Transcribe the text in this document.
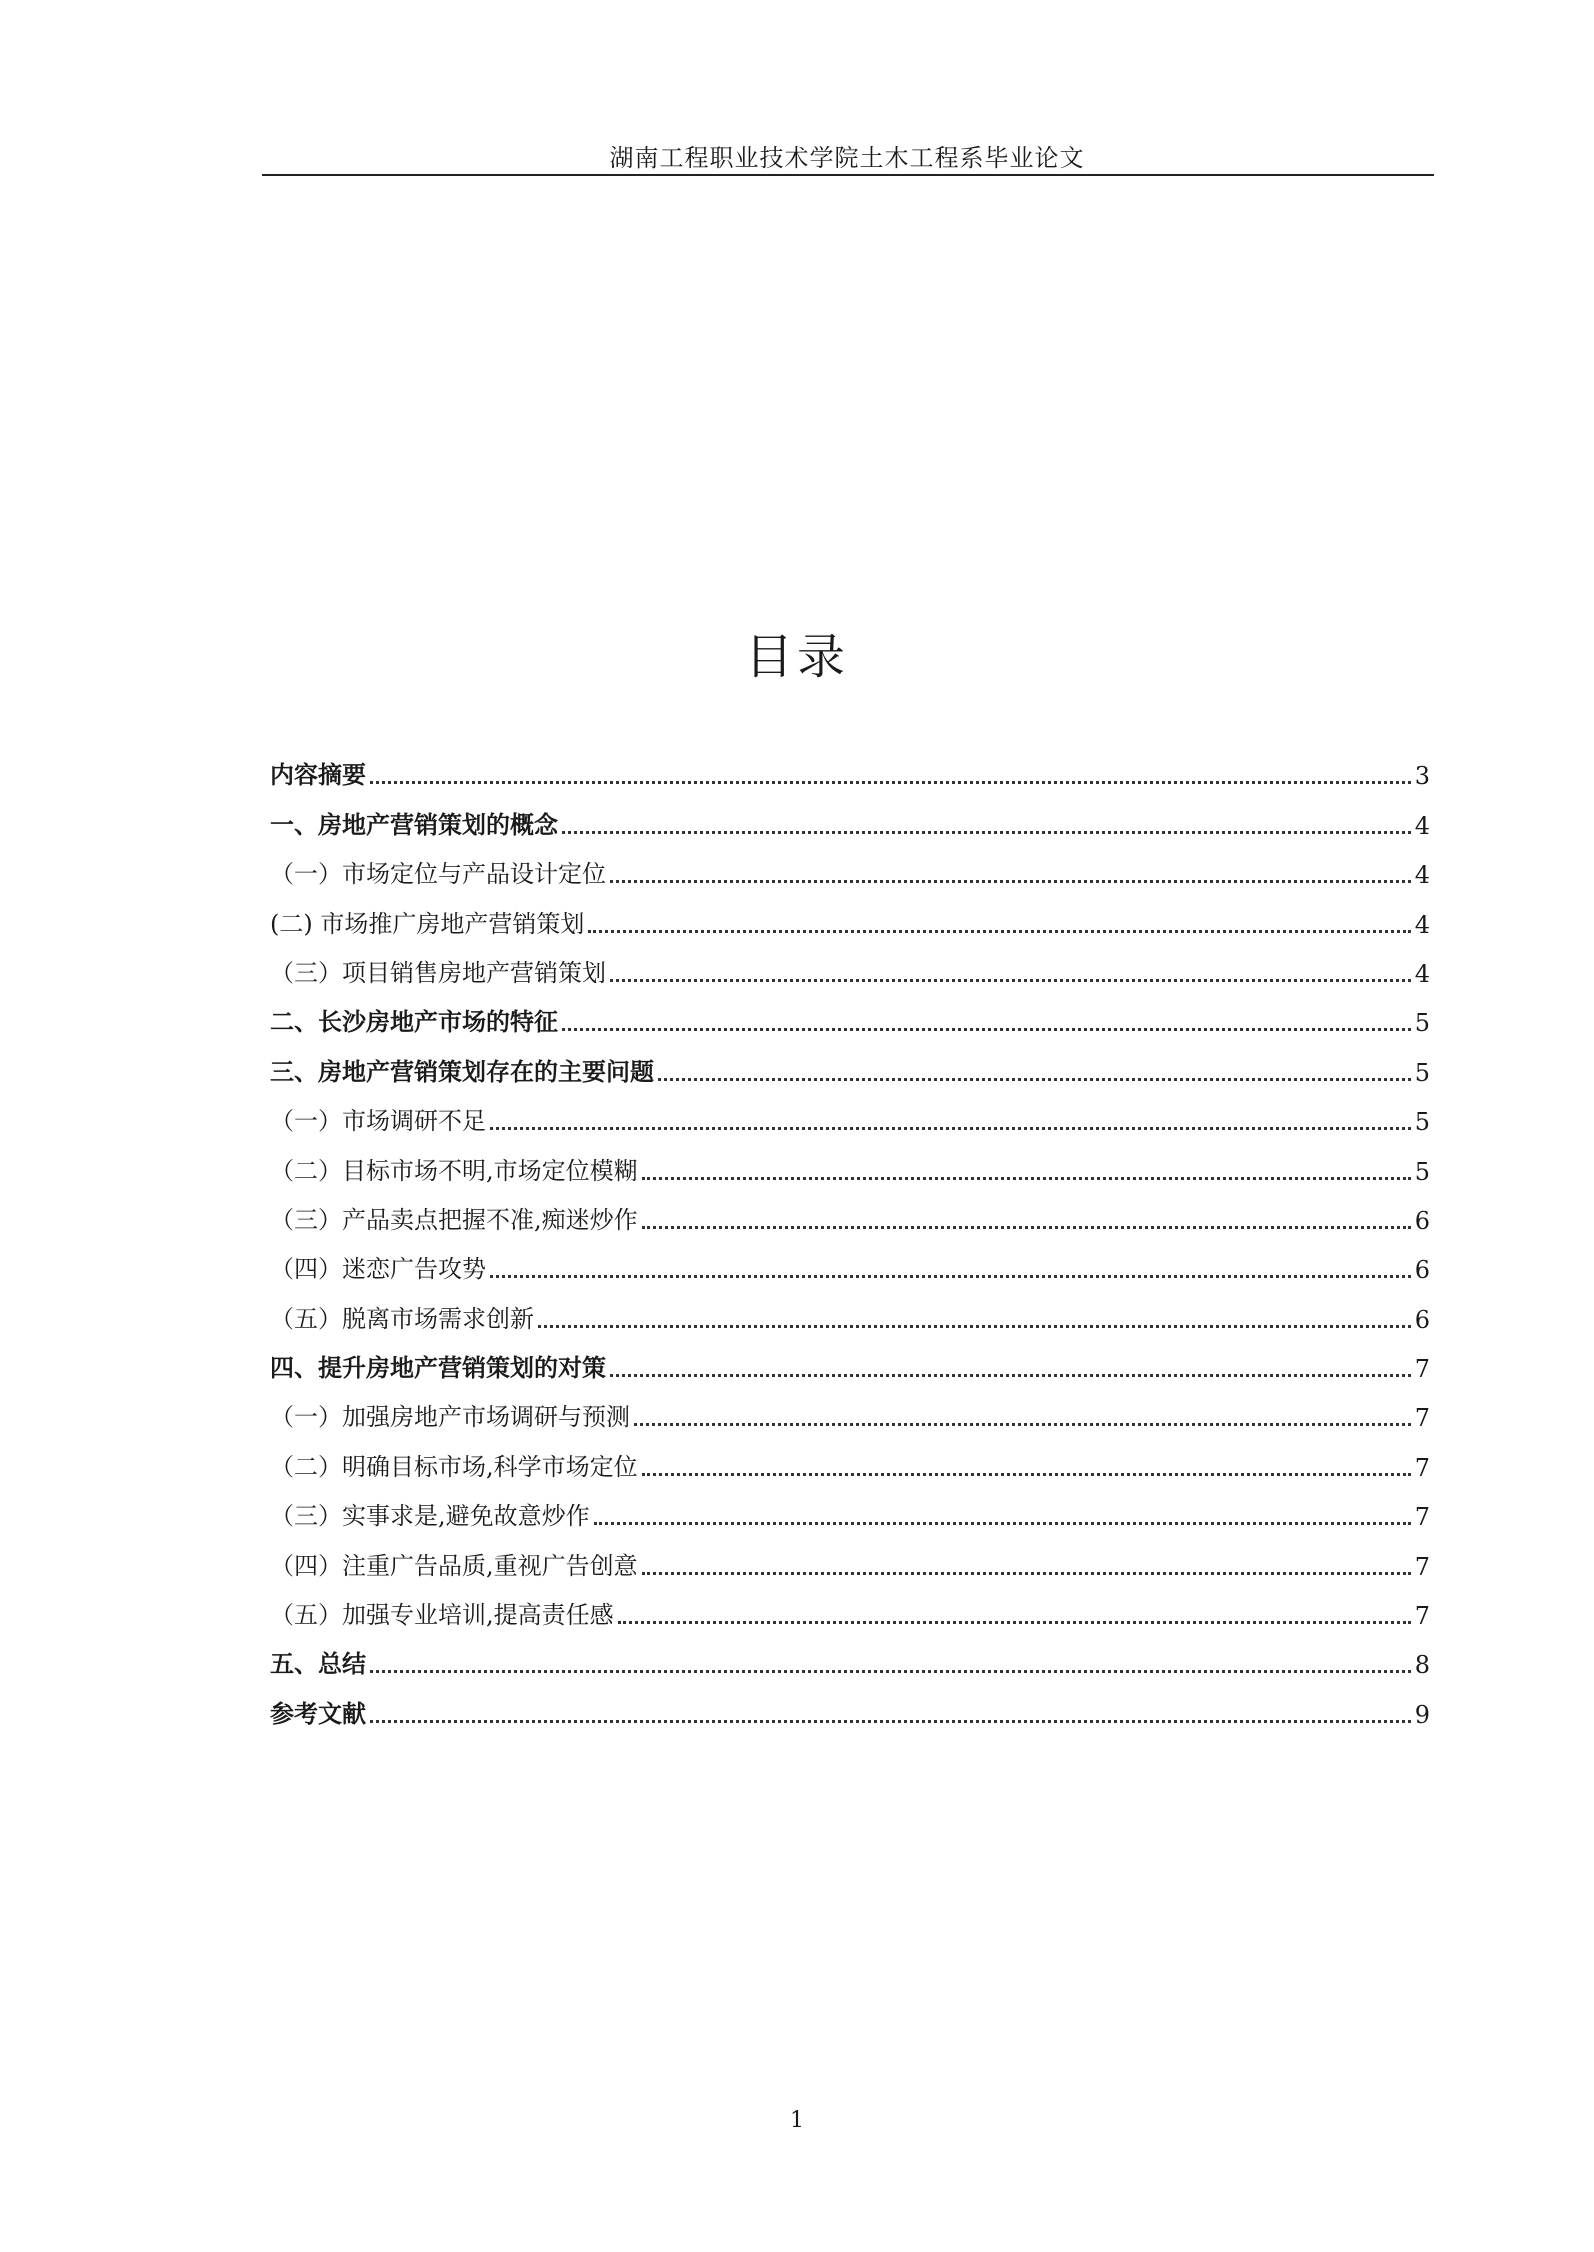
湖南工程职业技术学院土木工程系毕业论文
目录
内容摘要	3
一、房地产营销策划的概念	4
（一）市场定位与产品设计定位	4
(二) 市场推广房地产营销策划	4
（三）项目销售房地产营销策划	4
二、长沙房地产市场的特征	5
三、房地产营销策划存在的主要问题	5
（一）市场调研不足	5
（二）目标市场不明,市场定位模糊	5
（三）产品卖点把握不准,痴迷炒作	6
（四）迷恋广告攻势	6
（五）脱离市场需求创新	6
四、提升房地产营销策划的对策	7
（一）加强房地产市场调研与预测	7
（二）明确目标市场,科学市场定位	7
（三）实事求是,避免故意炒作	7
（四）注重广告品质,重视广告创意	7
（五）加强专业培训,提高责任感	7
五、总结	8
参考文献	9
1
